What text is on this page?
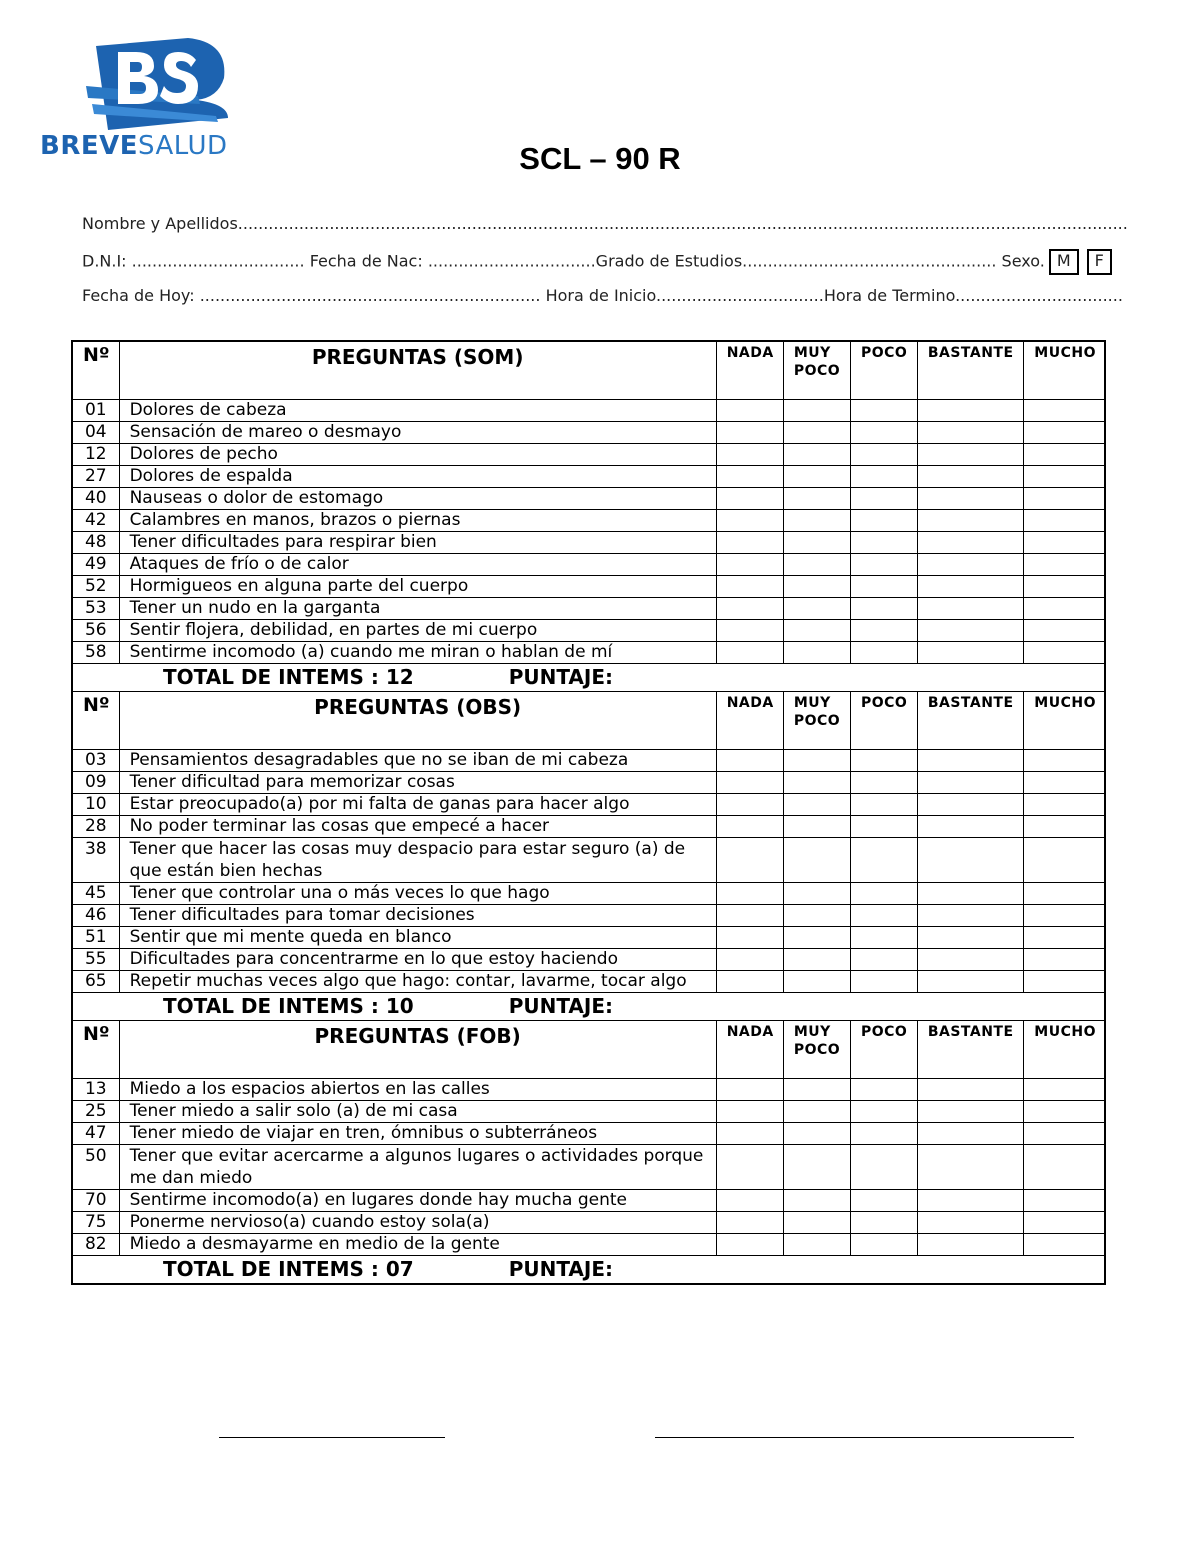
BREVESALUD	SCL – 90 R
Nombre y Apellidos...............................................................................................................................................................................
D.N.I: .................................. Fecha de Nac: .................................Grado de Estudios.................................................. Sexo. M F
Fecha de Hoy: ................................................................... Hora de Inicio.................................Hora de Termino.................................
Nº	PREGUNTAS (SOM)	NADA	MUY POCO	POCO	BASTANTE	MUCHO
01	Dolores de cabeza					
04	Sensación de mareo o desmayo					
12	Dolores de pecho					
27	Dolores de espalda					
40	Nauseas o dolor de estomago					
42	Calambres en manos, brazos o piernas					
48	Tener dificultades para respirar bien					
49	Ataques de frío o de calor					
52	Hormigueos en alguna parte del cuerpo					
53	Tener un nudo en la garganta					
56	Sentir flojera, debilidad, en partes de mi cuerpo					
58	Sentirme incomodo (a) cuando me miran o hablan de mí					
TOTAL DE INTEMS : 12 PUNTAJE:						
Nº	PREGUNTAS (OBS)	NADA	MUY POCO	POCO	BASTANTE	MUCHO
03	Pensamientos desagradables que no se iban de mi cabeza					
09	Tener dificultad para memorizar cosas					
10	Estar preocupado(a) por mi falta de ganas para hacer algo					
28	No poder terminar las cosas que empecé a hacer					
38	Tener que hacer las cosas muy despacio para estar seguro (a) de que están bien hechas					
45	Tener que controlar una o más veces lo que hago					
46	Tener dificultades para tomar decisiones					
51	Sentir que mi mente queda en blanco					
55	Dificultades para concentrarme en lo que estoy haciendo					
65	Repetir muchas veces algo que hago: contar, lavarme, tocar algo					
TOTAL DE INTEMS : 10 PUNTAJE:						
Nº	PREGUNTAS (FOB)	NADA	MUY POCO	POCO	BASTANTE	MUCHO
13	Miedo a los espacios abiertos en las calles					
25	Tener miedo a salir solo (a) de mi casa					
47	Tener miedo de viajar en tren, ómnibus o subterráneos					
50	Tener que evitar acercarme a algunos lugares o actividades porque me dan miedo					
70	Sentirme incomodo(a) en lugares donde hay mucha gente					
75	Ponerme nervioso(a) cuando estoy sola(a)					
82	Miedo a desmayarme en medio de la gente					
TOTAL DE INTEMS : 07 PUNTAJE:						
